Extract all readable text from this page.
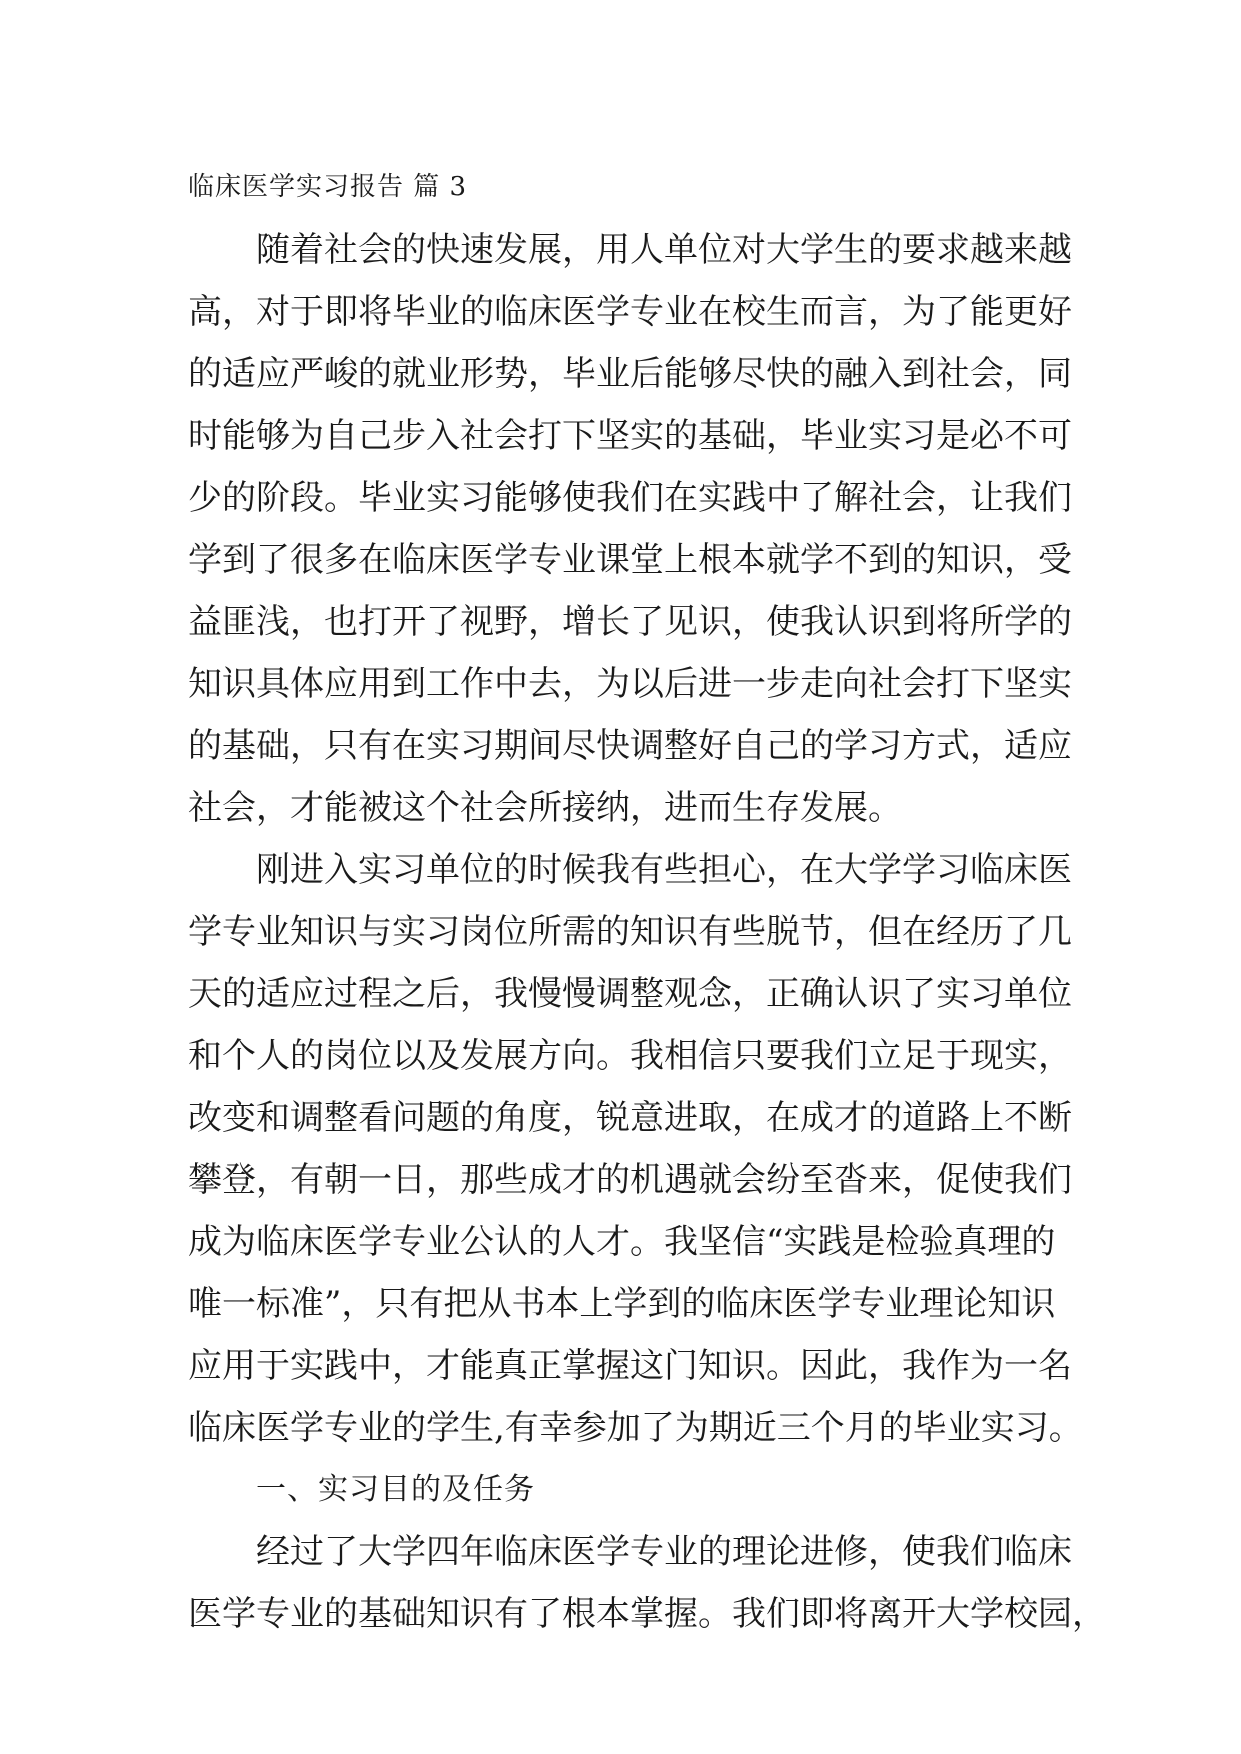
临床医学实习报告 篇 3
随着社会的快速发展，用人单位对大学生的要求越来越
高，对于即将毕业的临床医学专业在校生而言，为了能更好
的适应严峻的就业形势，毕业后能够尽快的融入到社会，同
时能够为自己步入社会打下坚实的基础，毕业实习是必不可
少的阶段。毕业实习能够使我们在实践中了解社会，让我们
学到了很多在临床医学专业课堂上根本就学不到的知识，受
益匪浅，也打开了视野，增长了见识，使我认识到将所学的
知识具体应用到工作中去，为以后进一步走向社会打下坚实
的基础，只有在实习期间尽快调整好自己的学习方式，适应
社会，才能被这个社会所接纳，进而生存发展。
刚进入实习单位的时候我有些担心，在大学学习临床医
学专业知识与实习岗位所需的知识有些脱节，但在经历了几
天的适应过程之后，我慢慢调整观念，正确认识了实习单位
和个人的岗位以及发展方向。我相信只要我们立足于现实，
改变和调整看问题的角度，锐意进取，在成才的道路上不断
攀登，有朝一日，那些成才的机遇就会纷至沓来，促使我们
成为临床医学专业公认的人才。我坚信“实践是检验真理的
唯一标准”，只有把从书本上学到的临床医学专业理论知识
应用于实践中，才能真正掌握这门知识。因此，我作为一名
临床医学专业的学生,有幸参加了为期近三个月的毕业实习。
一、实习目的及任务
经过了大学四年临床医学专业的理论进修，使我们临床
医学专业的基础知识有了根本掌握。我们即将离开大学校园，
